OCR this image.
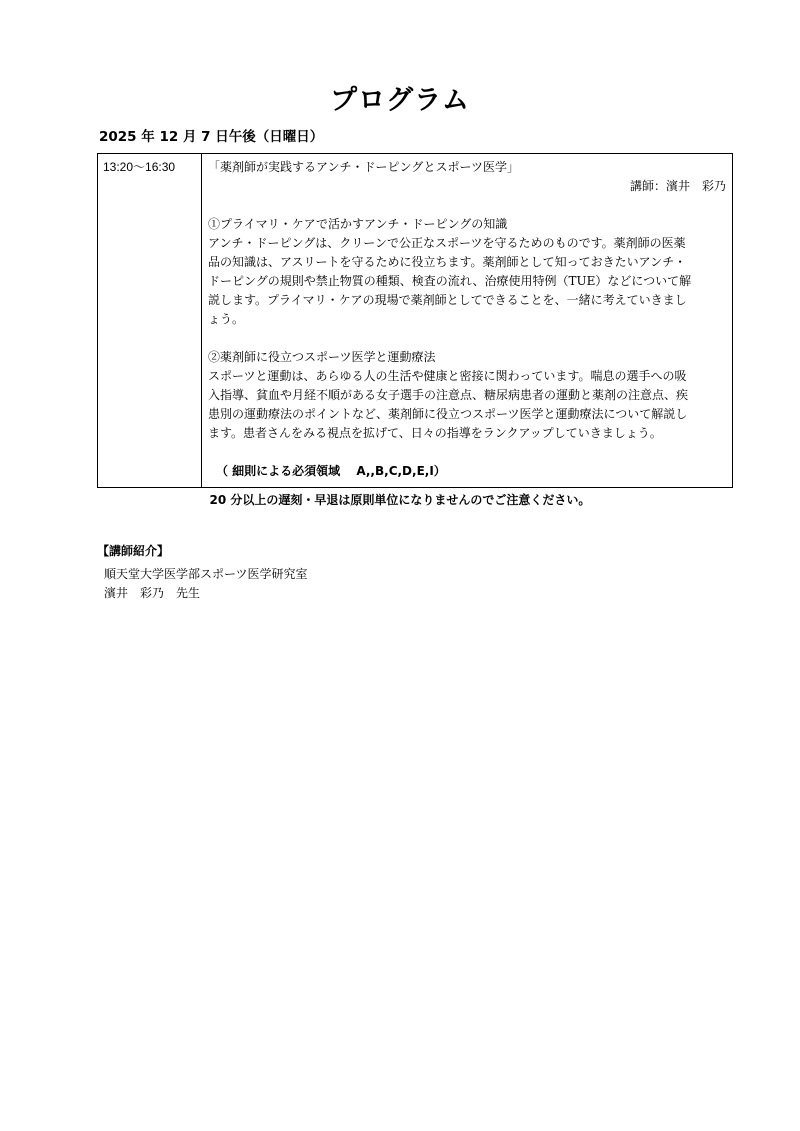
プログラム
2025 年 12 月 7 日午後（日曜日）
13:20～16:30	「薬剤師が実践するアンチ・ドーピングとスポーツ医学」

講師：濱井　彩乃

①プライマリ・ケアで活かすアンチ・ドーピングの知識

アンチ・ドーピングは、クリーンで公正なスポーツを守るためのものです。薬剤師の医薬

品の知識は、アスリートを守るために役立ちます。薬剤師として知っておきたいアンチ・

ドーピングの規則や禁止物質の種類、検査の流れ、治療使用特例（TUE）などについて解

説します。プライマリ・ケアの現場で薬剤師としてできることを、一緒に考えていきまし

ょう。

②薬剤師に役立つスポーツ医学と運動療法

スポーツと運動は、あらゆる人の生活や健康と密接に関わっています。喘息の選手への吸

入指導、貧血や月経不順がある女子選手の注意点、糖尿病患者の運動と薬剤の注意点、疾

患別の運動療法のポイントなど、薬剤師に役立つスポーツ医学と運動療法について解説し

ます。患者さんをみる視点を拡げて、日々の指導をランクアップしていきましょう。

（ 細則による必須領域　 A,,B,C,D,E,I）

20 分以上の遅刻・早退は原則単位になりませんのでご注意ください。
【講師紹介】
順天堂大学医学部スポーツ医学研究室
濱井　彩乃　先生
